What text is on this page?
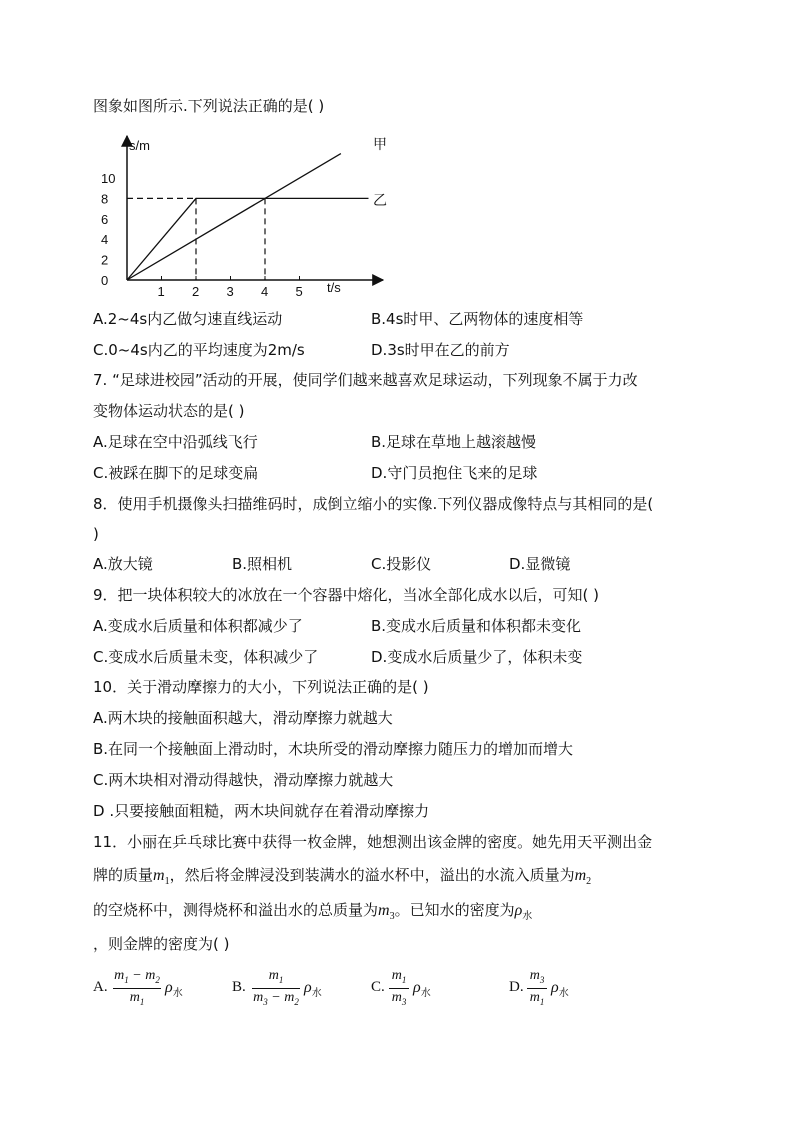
图象如图所示.下列说法正确的是( )
s/m
t/s
0
2
4
6
8
10
1 2 3 4 5
甲
乙
A.2~4s内乙做匀速直线运动	B.4s时甲、乙两物体的速度相等
C.0~4s内乙的平均速度为2m/s	D.3s时甲在乙的前方
7. “足球进校园”活动的开展，使同学们越来越喜欢足球运动，下列现象不属于力改
变物体运动状态的是( )
A.足球在空中沿弧线飞行	B.足球在草地上越滚越慢
C.被踩在脚下的足球变扁	D.守门员抱住飞来的足球
8．使用手机摄像头扫描维码时，成倒立缩小的实像.下列仪器成像特点与其相同的是(
)
A.放大镜	B.照相机	C.投影仪	D.显微镜
9．把一块体积较大的冰放在一个容器中熔化，当冰全部化成水以后，可知( )
A.变成水后质量和体积都减少了	B.变成水后质量和体积都未变化
C.变成水后质量未变，体积减少了	D.变成水后质量少了，体积未变
10．关于滑动摩擦力的大小，下列说法正确的是( )
A.两木块的接触面积越大，滑动摩擦力就越大
B.在同一个接触面上滑动时，木块所受的滑动摩擦力随压力的增加而增大
C.两木块相对滑动得越快，滑动摩擦力就越大
D .只要接触面粗糙，两木块间就存在着滑动摩擦力
11．小丽在乒乓球比赛中获得一枚金牌，她想测出该金牌的密度。她先用天平测出金
牌的质量$m_1$，然后将金牌浸没到装满水的溢水杯中，溢出的水流入质量为$m_2$
的空烧杯中，测得烧杯和溢出水的总质量为$m_3$。已知水的密度为$\rho_水$
，则金牌的密度为( )
A.
$m_1 - m_2$
$m_1$
$\rho_水$	B.
$m_1$
$m_3 - m_2$
$\rho_水$	C.
$m_1$
$m_3$
$\rho_水$	D.
$m_3$
$m_1$
$\rho_水$
